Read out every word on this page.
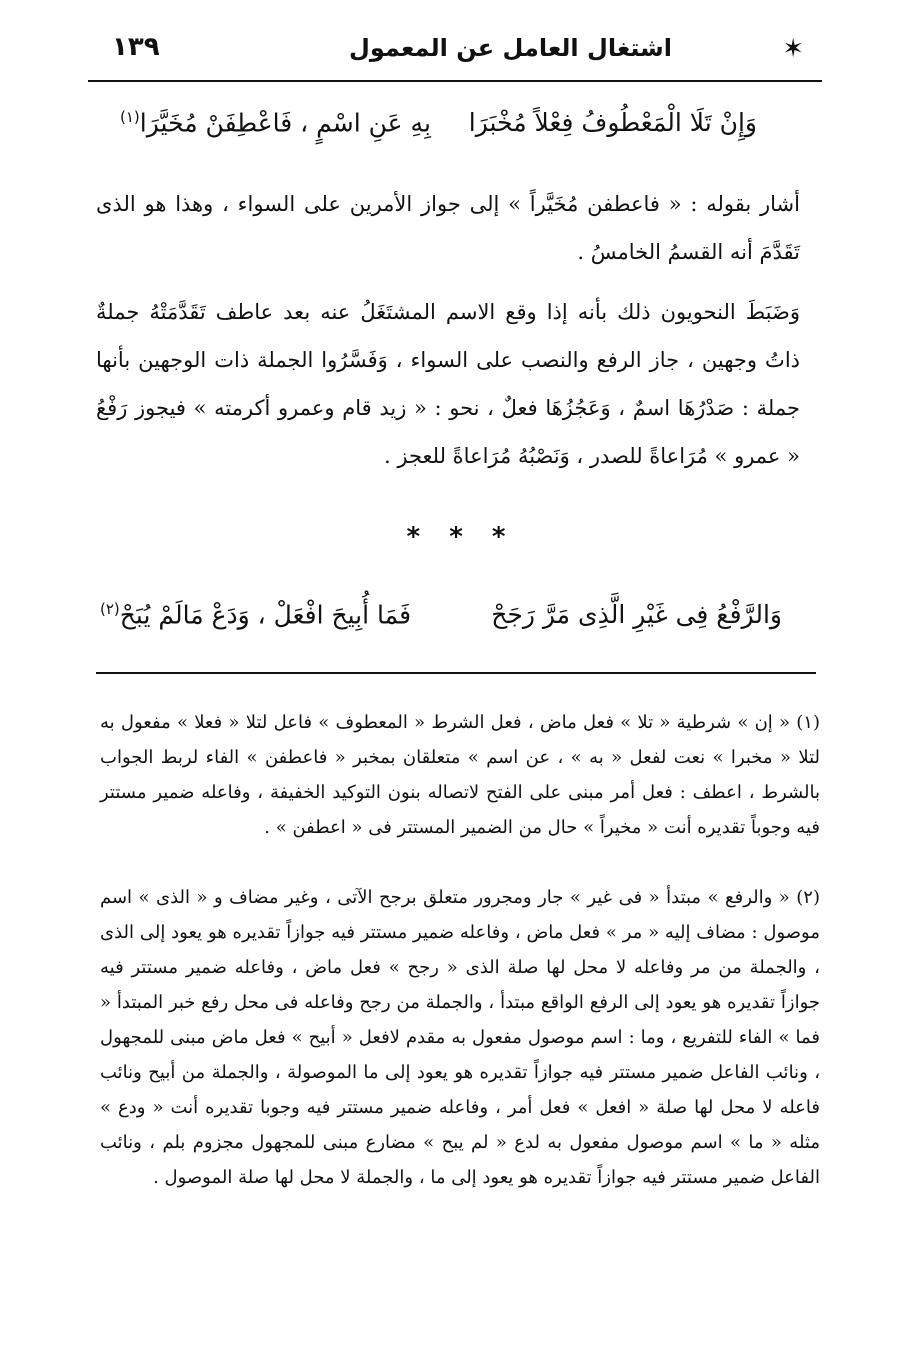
اشتغال العامل عن المعمول	✶
١٣٩
وَإِنْ تَلَا الْمَعْطُوفُ فِعْلاً مُخْبَرَا
بِهِ عَنِ اسْمٍ ، فَاعْطِفَنْ مُخَيَّرَا$^{(١)}$
أشار بقوله : « فاعطفن مُخَيَّراً » إلى جواز الأمرين على السواء ، وهذا هو الذى تَقَدَّمَ أنه القسمُ الخامسُ .
وَضَبَطَ النحويون ذلك بأنه إذا وقع الاسم المشتَغَلُ عنه بعد عاطف تَقَدَّمَتْهُ جملةٌ ذاتُ وجهين ، جاز الرفع والنصب على السواء ، وَفَسَّرُوا الجملة ذات الوجهين بأنها جملة : صَدْرُهَا اسمٌ ، وَعَجُزُهَا فعلٌ ، نحو : « زيد قام وعمرو أكرمته » فيجوز رَفْعُ « عمرو » مُرَاعاةً للصدر ، وَنَصْبُهُ مُرَاعاةً للعجز .
* * *
وَالرَّفْعُ فِى غَيْرِ الَّذِى مَرَّ رَجَحْ
فَمَا أُبِيحَ افْعَلْ ، وَدَعْ مَالَمْ يُبَحْ$^{(٢)}$
(١) « إن » شرطية « تلا » فعل ماض ، فعل الشرط « المعطوف » فاعل لتلا « فعلا » مفعول به لتلا « مخبرا » نعت لفعل « به » ، عن اسم » متعلقان بمخبر « فاعطفن » الفاء لربط الجواب بالشرط ، اعطف : فعل أمر مبنى على الفتح لاتصاله بنون التوكيد الخفيفة ، وفاعله ضمير مستتر فيه وجوباً تقديره أنت « مخيراً » حال من الضمير المستتر فى « اعطفن » .
(٢) « والرفع » مبتدأ « فى غير » جار ومجرور متعلق برجح الآتى ، وغير مضاف و « الذى » اسم موصول : مضاف إليه « مر » فعل ماض ، وفاعله ضمير مستتر فيه جوازاً تقديره هو يعود إلى الذى ، والجملة من مر وفاعله لا محل لها صلة الذى « رجح » فعل ماض ، وفاعله ضمير مستتر فيه جوازاً تقديره هو يعود إلى الرفع الواقع مبتدأ ، والجملة من رجح وفاعله فى محل رفع خبر المبتدأ « فما » الفاء للتفريع ، وما : اسم موصول مفعول به مقدم لافعل « أبيح » فعل ماض مبنى للمجهول ، ونائب الفاعل ضمير مستتر فيه جوازاً تقديره هو يعود إلى ما الموصولة ، والجملة من أبيح ونائب فاعله لا محل لها صلة « افعل » فعل أمر ، وفاعله ضمير مستتر فيه وجوبا تقديره أنت « ودع » مثله « ما » اسم موصول مفعول به لدع « لم يبح » مضارع مبنى للمجهول مجزوم بلم ، ونائب الفاعل ضمير مستتر فيه جوازاً تقديره هو يعود إلى ما ، والجملة لا محل لها صلة الموصول .
